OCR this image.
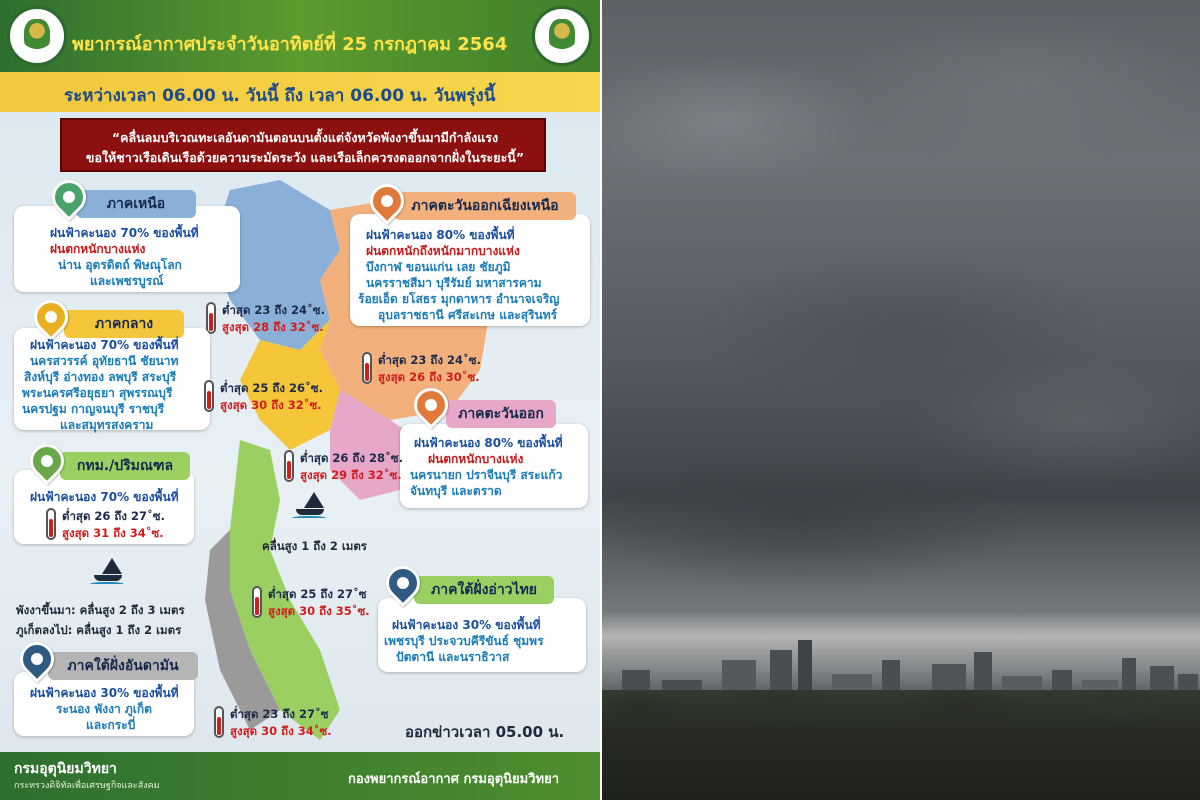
พยากรณ์อากาศประจำวันอาทิตย์ที่ 25 กรกฎาคม 2564
ระหว่างเวลา 06.00 น. วันนี้ ถึง เวลา 06.00 น. วันพรุ่งนี้
“คลื่นลมบริเวณทะเลอันดามันตอนบนตั้งแต่จังหวัดพังงาขึ้นมามีกำลังแรง
ขอให้ชาวเรือเดินเรือด้วยความระมัดระวัง และเรือเล็กควรงดออกจากฝั่งในระยะนี้”
ภาคเหนือ
ฝนฟ้าคะนอง 70% ของพื้นที่
ฝนตกหนักบางแห่ง
น่าน อุตรดิตถ์ พิษณุโลก
และเพชรบูรณ์
ต่ำสุด 23 ถึง 24˚ซ.
สูงสุด 28 ถึง 32˚ซ.
ภาคตะวันออกเฉียงเหนือ
ฝนฟ้าคะนอง 80% ของพื้นที่
ฝนตกหนักถึงหนักมากบางแห่ง
บึงกาฬ ขอนแก่น เลย ชัยภูมิ
นครราชสีมา บุรีรัมย์ มหาสารคาม
ร้อยเอ็ด ยโสธร มุกดาหาร อำนาจเจริญ
อุบลราชธานี ศรีสะเกษ และสุรินทร์
ต่ำสุด 23 ถึง 24˚ซ.
สูงสุด 26 ถึง 30˚ซ.
ภาคกลาง
ฝนฟ้าคะนอง 70% ของพื้นที่
นครสวรรค์ อุทัยธานี ชัยนาท
สิงห์บุรี อ่างทอง ลพบุรี สระบุรี
พระนครศรีอยุธยา สุพรรณบุรี
นครปฐม กาญจนบุรี ราชบุรี
และสมุทรสงคราม
ต่ำสุด 25 ถึง 26˚ซ.
สูงสุด 30 ถึง 32˚ซ.
ภาคตะวันออก
ฝนฟ้าคะนอง 80% ของพื้นที่
ฝนตกหนักบางแห่ง
นครนายก ปราจีนบุรี สระแก้ว
จันทบุรี และตราด
ต่ำสุด 26 ถึง 28˚ซ.
สูงสุด 29 ถึง 32˚ซ.
กทม./ปริมณฑล
ฝนฟ้าคะนอง 70% ของพื้นที่
ต่ำสุด 26 ถึง 27˚ซ.
สูงสุด 31 ถึง 34˚ซ.
คลื่นสูง 1 ถึง 2 เมตร
พังงาขึ้นมา: คลื่นสูง 2 ถึง 3 เมตร
ภูเก็ตลงไป: คลื่นสูง 1 ถึง 2 เมตร
ภาคใต้ฝั่งอ่าวไทย
ฝนฟ้าคะนอง 30% ของพื้นที่
เพชรบุรี ประจวบคีรีขันธ์ ชุมพร
ปัตตานี และนราธิวาส
ต่ำสุด 25 ถึง 27˚ซ
สูงสุด 30 ถึง 35˚ซ.
ภาคใต้ฝั่งอันดามัน
ฝนฟ้าคะนอง 30% ของพื้นที่
ระนอง พังงา ภูเก็ต
และกระบี่
ต่ำสุด 23 ถึง 27˚ซ
สูงสุด 30 ถึง 34˚ซ.	ออกข่าวเวลา 05.00 น.
กรมอุตุนิยมวิทยา
กระทรวงดิจิทัลเพื่อเศรษฐกิจและสังคม	กองพยากรณ์อากาศ กรมอุตุนิยมวิทยา
